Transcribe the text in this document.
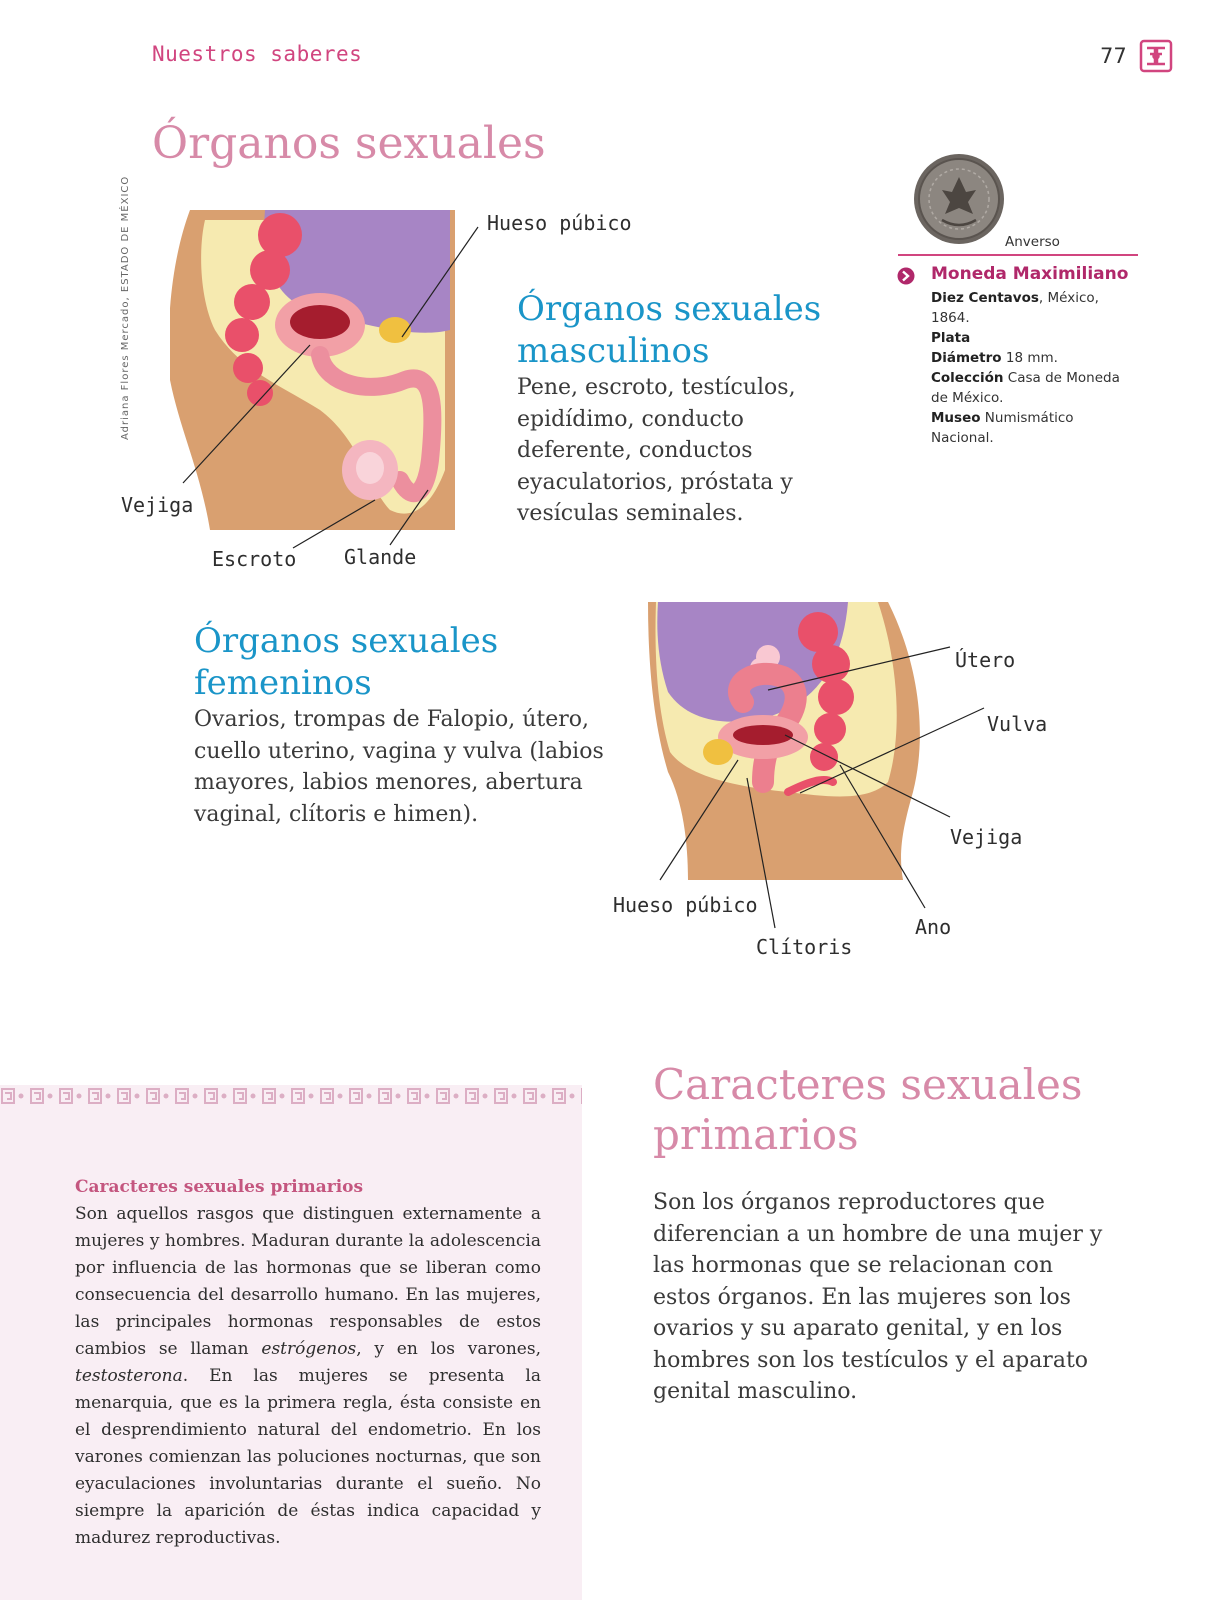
Nuestros saberes	77
Órganos sexuales
Adriana Flores Mercado, ESTADO DE MÉXICO	Hueso púbico
Vejiga
Escroto Glande
Órganos sexuales
masculinos
Pene, escroto, testículos, epidídimo, conducto deferente, conductos eyaculatorios, próstata y vesículas seminales.
Anverso
Moneda Maximiliano
Diez Centavos, México, 1864.
Plata
Diámetro 18 mm.
Colección Casa de Moneda de México.
Museo Numismático Nacional.
Órganos sexuales
femeninos
Ovarios, trompas de Falopio, útero, cuello uterino, vagina y vulva (labios mayores, labios menores, abertura vaginal, clítoris e himen).
Útero
Vulva
Vejiga
Ano
Hueso púbico
Clítoris
Caracteres sexuales primarios
Son aquellos rasgos que distinguen externamente a mujeres y hombres. Maduran durante la adolescencia por influencia de las hormonas que se liberan como consecuencia del desarrollo humano. En las mujeres, las principales hormonas responsables de estos cambios se llaman estrógenos, y en los varones, testosterona. En las mujeres se presenta la menarquia, que es la primera regla, ésta consiste en el desprendimiento natural del endometrio. En los varones comienzan las poluciones nocturnas, que son eyaculaciones involuntarias durante el sueño. No siempre la aparición de éstas indica capacidad y madurez reproductivas.
Caracteres sexuales primarios
Son los órganos reproductores que diferencian a un hombre de una mujer y las hormonas que se relacionan con estos órganos. En las mujeres son los ovarios y su aparato genital, y en los hombres son los testículos y el aparato genital masculino.
